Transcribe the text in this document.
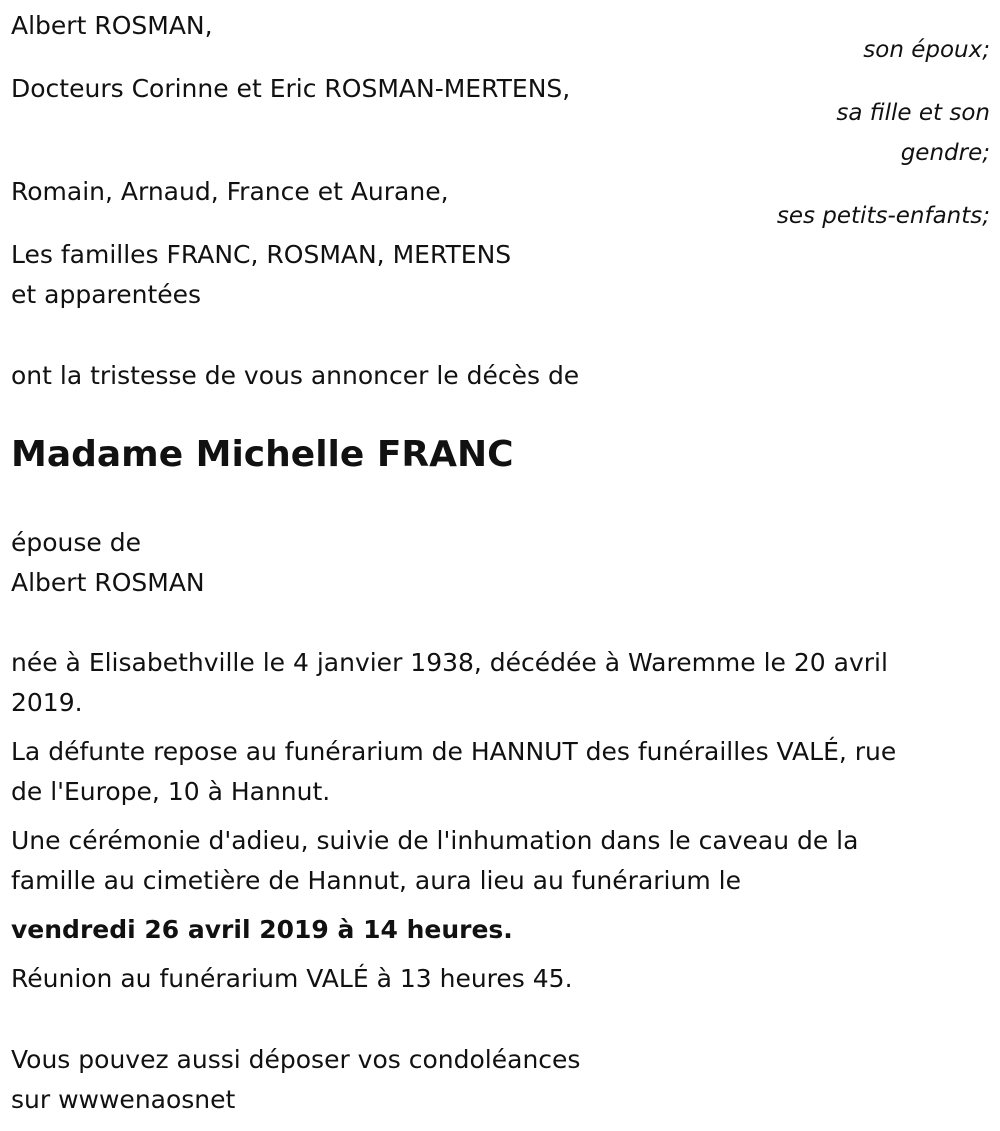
Albert ROSMAN,
son époux;
Docteurs Corinne et Eric ROSMAN-MERTENS,
sa fille et son
gendre;
Romain, Arnaud, France et Aurane,
ses petits-enfants;
Les familles FRANC, ROSMAN, MERTENS
et apparentées
ont la tristesse de vous annoncer le décès de
Madame Michelle FRANC
épouse de
Albert ROSMAN
née à Elisabethville le 4 janvier 1938, décédée à Waremme le 20 avril
2019.
La défunte repose au funérarium de HANNUT des funérailles VALÉ, rue
de l'Europe, 10 à Hannut.
Une cérémonie d'adieu, suivie de l'inhumation dans le caveau de la
famille au cimetière de Hannut, aura lieu au funérarium le
vendredi 26 avril 2019 à 14 heures.
Réunion au funérarium VALÉ à 13 heures 45.
Vous pouvez aussi déposer vos condoléances
sur wwwenaosnet
